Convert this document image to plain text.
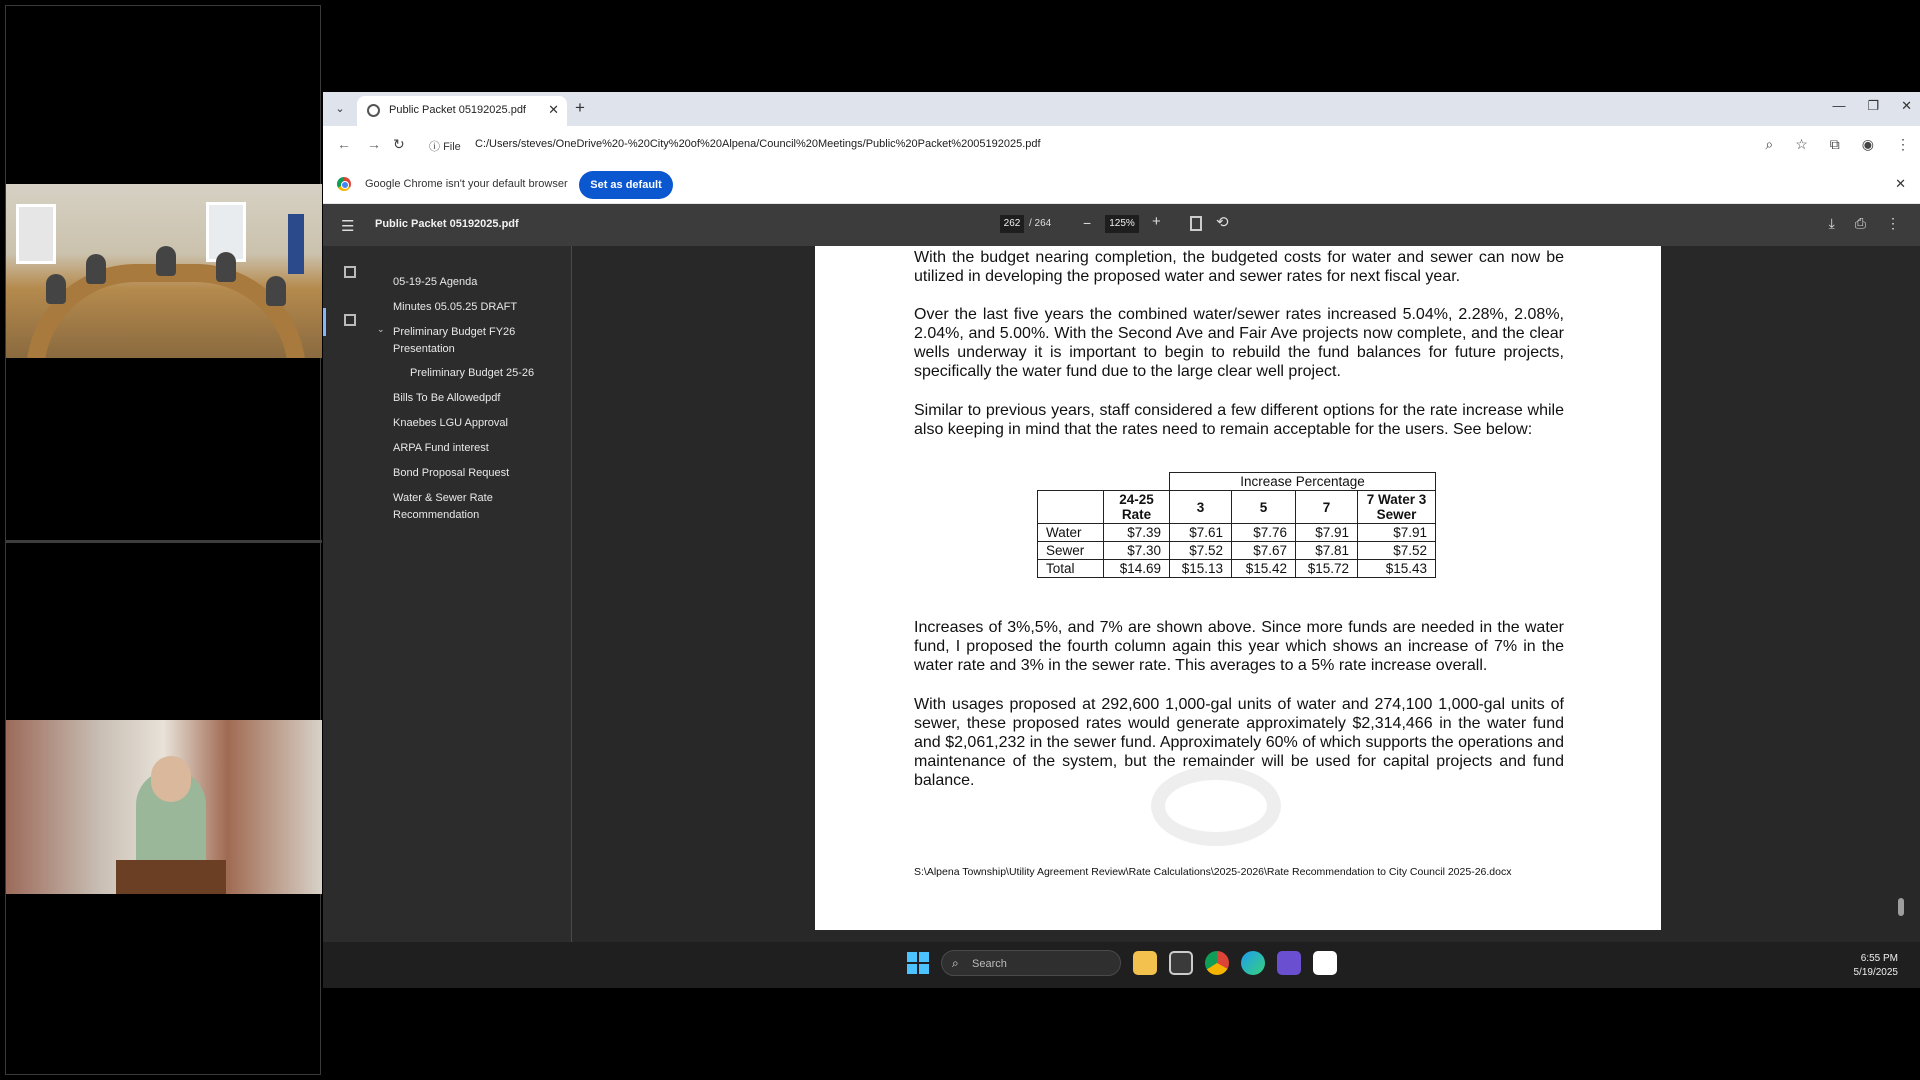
⌄	Public Packet 05192025.pdf ✕ +	— ❐ ✕
← → ↻ ⓘ File C:/Users/steves/OneDrive%20-%20City%20of%20Alpena/Council%20Meetings/Public%20Packet%2005192025.pdf	⌕ ☆ ⧉ ◉ ⋮
Google Chrome isn't your default browser	Set as default	✕
☰ Public Packet 05192025.pdf	262 / 264 −	125% +	⟲	⤓ ⎙ ⋮
05-19-25 Agenda
Minutes 05.05.25 DRAFT
⌄ Preliminary Budget FY26 Presentation
Preliminary Budget 25-26
Bills To Be Allowedpdf
Knaebes LGU Approval
ARPA Fund interest
Bond Proposal Request
Water & Sewer Rate Recommendation
With the budget nearing completion, the budgeted costs for water and sewer can now be utilized in developing the proposed water and sewer rates for next fiscal year.
Over the last five years the combined water/sewer rates increased 5.04%, 2.28%, 2.08%, 2.04%, and 5.00%. With the Second Ave and Fair Ave projects now complete, and the clear wells underway it is important to begin to rebuild the fund balances for future projects, specifically the water fund due to the large clear well project.
Similar to previous years, staff considered a few different options for the rate increase while also keeping in mind that the rates need to remain acceptable for the users. See below:
		Increase Percentage			
	24-25 Rate	3	5	7	7 Water 3 Sewer
Water	$7.39	$7.61	$7.76	$7.91	$7.91
Sewer	$7.30	$7.52	$7.67	$7.81	$7.52
Total	$14.69	$15.13	$15.42	$15.72	$15.43
Increases of 3%,5%, and 7% are shown above. Since more funds are needed in the water fund, I proposed the fourth column again this year which shows an increase of 7% in the water rate and 3% in the sewer rate. This averages to a 5% rate increase overall.
With usages proposed at 292,600 1,000-gal units of water and 274,100 1,000-gal units of sewer, these proposed rates would generate approximately $2,314,466 in the water fund and $2,061,232 in the sewer fund. Approximately 60% of which supports the operations and maintenance of the system, but the remainder will be used for capital projects and fund balance.
S:\Alpena Township\Utility Agreement Review\Rate Calculations\2025-2026\Rate Recommendation to City Council 2025-26.docx
⌕ Search	6:55 PM
5/19/2025
